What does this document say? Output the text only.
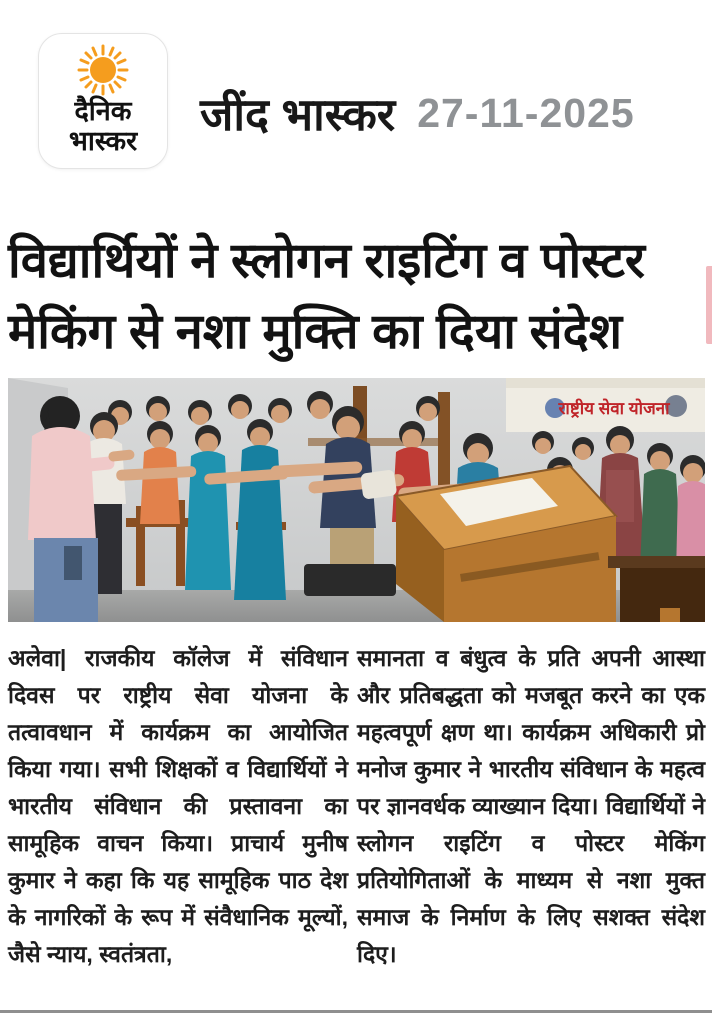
दैनिक
भास्कर
जींद भास्कर 27-11-2025
विद्यार्थियों ने स्लोगन राइटिंग व पोस्टर
मेकिंग से नशा मुक्ति का दिया संदेश
राष्ट्रीय सेवा योजना
अलेवा| राजकीय कॉलेज में संविधान दिवस पर राष्ट्रीय सेवा योजना के तत्वावधान में कार्यक्रम का आयोजित किया गया। सभी शिक्षकों व विद्यार्थियों ने भारतीय संविधान की प्रस्तावना का सामूहिक वाचन किया। प्राचार्य मुनीष कुमार ने कहा कि यह सामूहिक पाठ देश के नागरिकों के रूप में संवैधानिक मूल्यों, जैसे न्याय, स्वतंत्रता,
समानता व बंधुत्व के प्रति अपनी आस्था और प्रतिबद्धता को मजबूत करने का एक महत्वपूर्ण क्षण था। कार्यक्रम अधिकारी प्रो मनोज कुमार ने भारतीय संविधान के महत्व पर ज्ञानवर्धक व्याख्यान दिया। विद्यार्थियों ने स्लोगन राइटिंग व पोस्टर मेकिंग प्रतियोगिताओं के माध्यम से नशा मुक्त समाज के निर्माण के लिए सशक्त संदेश दिए।
